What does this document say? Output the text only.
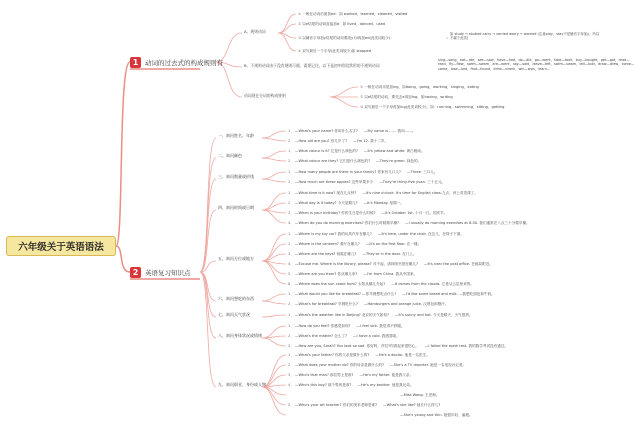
六年级关于英语语法
1	动词的过去式的构成规则有
2	英语复习知识点
A、规则动词
B、不规则动词由于没有规则可循，需要记住，以下是初中阶段常用的不规则动词
动词现在分词的构成规则
①一般在动词后面加ed：如 worked，learned，cleaned，visited
②以e结尾的动词直接加d：如 lived，danced，used
③以辅音字母加y结尾的动词要改y为i再加ed(此类词较少)：
④双写最后一个字母(此类词较少)如 stopped
如 study → studied carry → carried worry → worried (注意play，stay不是辅音字母加y，所以不属于此类)
sing—sang，eat—ate，see—saw，have—had，do—did，go—went，take—took，buy—bought，get—got，read—read，fly—flew，swim—swam，are—were，say—said，leave—left，swim—swam，tell—told，draw—drew，come—came，lose—lost，find—found，drink—drank，win—won，learn…
①一般在动词末尾加ing，如doing，going，working，singing，eating
②以e结尾的动词，要先去e再加ing，如having，writing
③双写最后一个字母再加ing(此类词较少)，如：running，swimming，sitting，getting
一、询问姓名、年龄
1、—What's your name? 你叫什么名字? —My name is……. 我叫……。
2、—How old are you? 你几岁了? —I'm 12. 我十二岁。
二、询问颜色
1、—What colour is it? 它是什么颜色的? —It's yellow and white. 黄白相间。
2、—What colour are they? 它们是什么颜色的? —They're green. 绿色的。
三、询问数量或价钱
1、—How many people are there in your family? 你家有几口人? —Three. 三口人。
2、—How much are these apples? 这些苹果多少 —They're thirty-five yuan. 三十五元。
四、询问时间或日期
1、—What time is it now? 现在几点钟? —It's nine o'clock. It's time for English class.九点，该上英语课了。
2、—What day is it today? 今天星期几? —It's Monday. 星期一。
3、—When is your birthday? 你的生日是什么时候? —It's October 1st. 十月一日。国庆节。
4、—When do you do morning exercises? 你们什么时候做早操? —I usually do morning exercises at 8:30. 我们通常在八点三十分做早操。
五、询问方位或地方
1、—Where is my toy car? 我的玩具汽车在哪儿? —It's here, under the chair. 在这儿，在椅子下面。
2、—Where is the canteen? 餐厅在哪儿? —It's on the first floor. 在一楼。
3、—Where are the keys? 钥匙在哪儿? —They're in the door. 在门上。
4、—Excuse me. Where is the library, please? 对不起，请问图书馆在哪儿? —It's near the post office. 在邮局附近。
5、—Where are you from? 你从哪儿来? —I'm from China. 我从中国来。
6、—Where does the sun come from? 太阳从哪儿升起? —It comes from the clouds. 它是从云层里来的。
六、询问想吃的东西
1、—What would you like for breakfast? —你早餐想吃点什么? —I'd like some bread and milk. —我想吃面包和牛奶。
2、—What's for breakfast? 早餐吃什么? —Hamburgers and orange juice. 汉堡包和橙汁。
七、询问天气状况	1、—What's the weather like in Beijing? 北京的天气如何? —It's sunny and hot. 今天是晴天，天气很热。
八、询问身体状况或情绪
1、—How do you feel? 你感觉如何? —I feel sick. 我觉得不舒服。
2、—What's the matter? 怎么了? —I have a cold. 我感冒啦。
3、—How are you, Sarah? You look so sad. 你好吗，莎拉?你看起来很伤心。 —I failed the math test. 我的数学考试没有通过。
九、询问职业、身份或人物
1、—What's your father? 你的父亲是做什么的? —He's a doctor. 他是一名医生。
2、—What does your mother do? 你的母亲是做什么的? —She's a TV reporter. 她是一名电视台记者。
3、—Who's that man? 那位男士是谁? —He's my father. 他是我父亲。
4、—Who's this boy? 那个男孩是谁? —He's my brother. 他是我兄弟。
—Miss Wang. 王老师。
5、—Who's your art teacher? 你们的美术老师是谁? —What's she like? 她长什么样儿?
—She's young and thin. 她很年轻、偏瘦。
